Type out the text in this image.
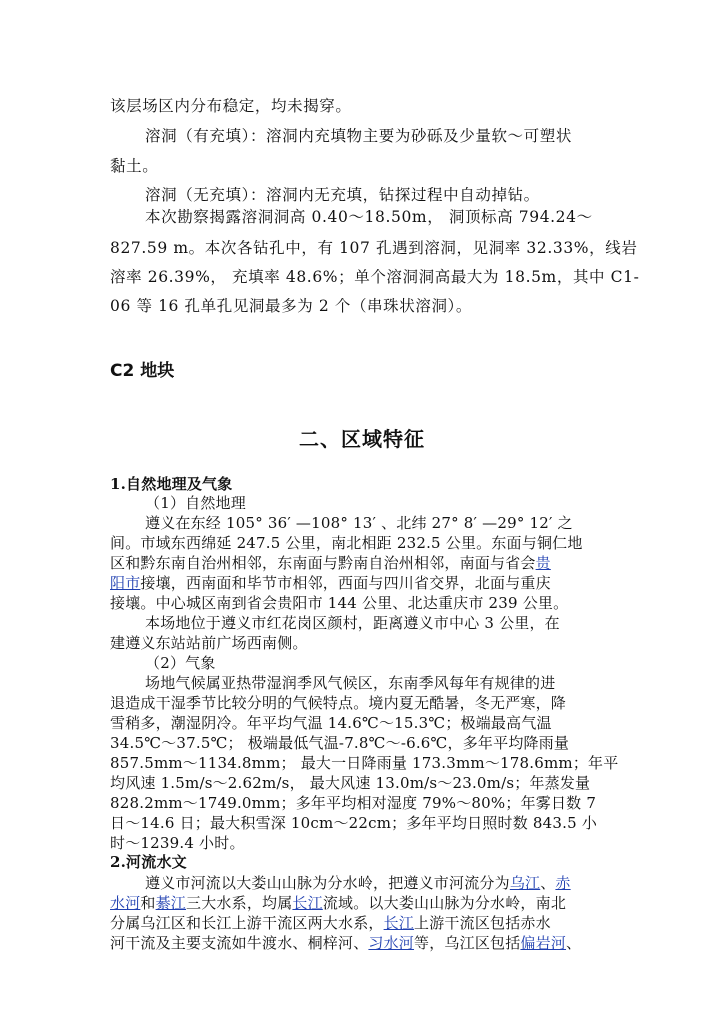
该层场区内分布稳定，均未揭穿。
溶洞（有充填）：溶洞内充填物主要为砂砾及少量软～可塑状
黏土。
溶洞（无充填）：溶洞内无充填，钻探过程中自动掉钻。
本次勘察揭露溶洞洞高 0.40～18.50m， 洞顶标高 794.24～
827.59 m。本次各钻孔中，有 107 孔遇到溶洞，见洞率 32.33%，线岩
溶率 26.39%， 充填率 48.6%；单个溶洞洞高最大为 18.5m，其中 C1-
06 等 16 孔单孔见洞最多为 2 个（串珠状溶洞）。
C2 地块
二、区域特征
1.自然地理及气象
（1）自然地理
遵义在东经 105° 36′ —108° 13′ 、北纬 27° 8′ —29° 12′ 之
间。市域东西绵延 247.5 公里，南北相距 232.5 公里。东面与铜仁地
区和黔东南自治州相邻，东南面与黔南自治州相邻，南面与省会贵
阳市接壤，西南面和毕节市相邻，西面与四川省交界，北面与重庆
接壤。中心城区南到省会贵阳市 144 公里、北达重庆市 239 公里。
本场地位于遵义市红花岗区颜村，距离遵义市中心 3 公里，在
建遵义东站站前广场西南侧。
（2）气象
场地气候属亚热带湿润季风气候区，东南季风每年有规律的进
退造成干湿季节比较分明的气候特点。境内夏无酷暑，冬无严寒，降
雪稍多，潮湿阴冷。年平均气温 14.6℃～15.3℃；极端最高气温
34.5℃～37.5℃； 极端最低气温-7.8℃～-6.6℃，多年平均降雨量
857.5mm～1134.8mm； 最大一日降雨量 173.3mm～178.6mm；年平
均风速 1.5m/s～2.62m/s， 最大风速 13.0m/s～23.0m/s；年蒸发量
828.2mm～1749.0mm；多年平均相对湿度 79%～80%；年雾日数 7
日～14.6 日；最大积雪深 10cm～22cm；多年平均日照时数 843.5 小
时～1239.4 小时。
2.河流水文
遵义市河流以大娄山山脉为分水岭，把遵义市河流分为乌江、赤
水河和綦江三大水系，均属长江流域。以大娄山山脉为分水岭，南北
分属乌江区和长江上游干流区两大水系，长江上游干流区包括赤水
河干流及主要支流如牛渡水、桐梓河、习水河等，乌江区包括偏岩河、
